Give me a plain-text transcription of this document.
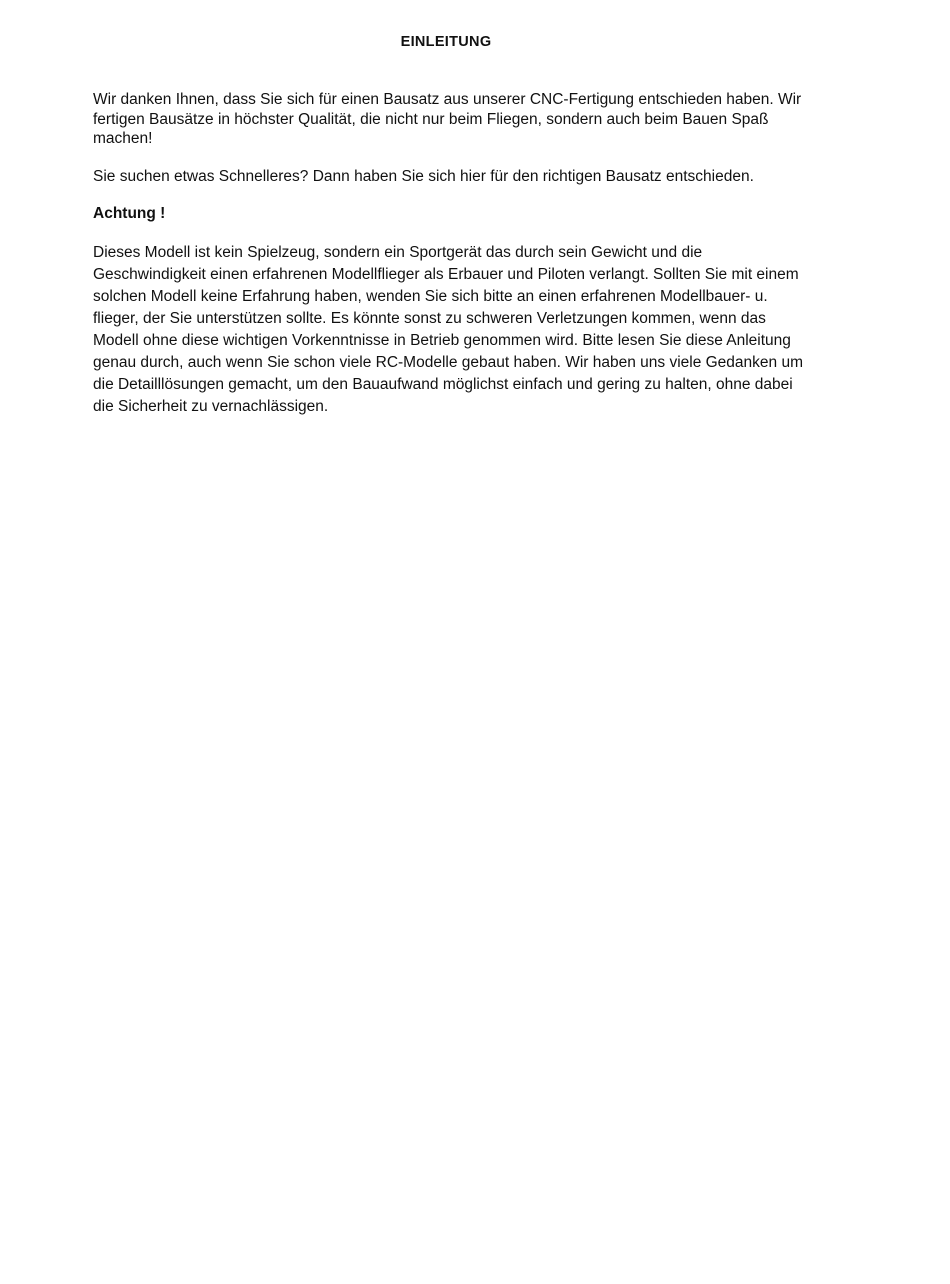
EINLEITUNG

Wir danken Ihnen, dass Sie sich für einen Bausatz aus unserer CNC-Fertigung entschieden haben. Wir fertigen Bausätze in höchster Qualität, die nicht nur beim Fliegen, sondern auch beim Bauen Spaß machen!

Sie suchen etwas Schnelleres? Dann haben Sie sich hier für den richtigen Bausatz entschieden.

Achtung !

Dieses Modell ist kein Spielzeug, sondern ein Sportgerät das durch sein Gewicht und die Geschwindigkeit einen erfahrenen Modellflieger als Erbauer und Piloten verlangt. Sollten Sie mit einem solchen Modell keine Erfahrung haben, wenden Sie sich bitte an einen erfahrenen Modellbauer- u. flieger, der Sie unterstützen sollte. Es könnte sonst zu schweren Verletzungen kommen, wenn das Modell ohne diese wichtigen Vorkenntnisse in Betrieb genommen wird. Bitte lesen Sie diese Anleitung genau durch, auch wenn Sie schon viele RC-Modelle gebaut haben. Wir haben uns viele Gedanken um die Detailllösungen gemacht, um den Bauaufwand möglichst einfach und gering zu halten, ohne dabei die Sicherheit zu vernachlässigen.
